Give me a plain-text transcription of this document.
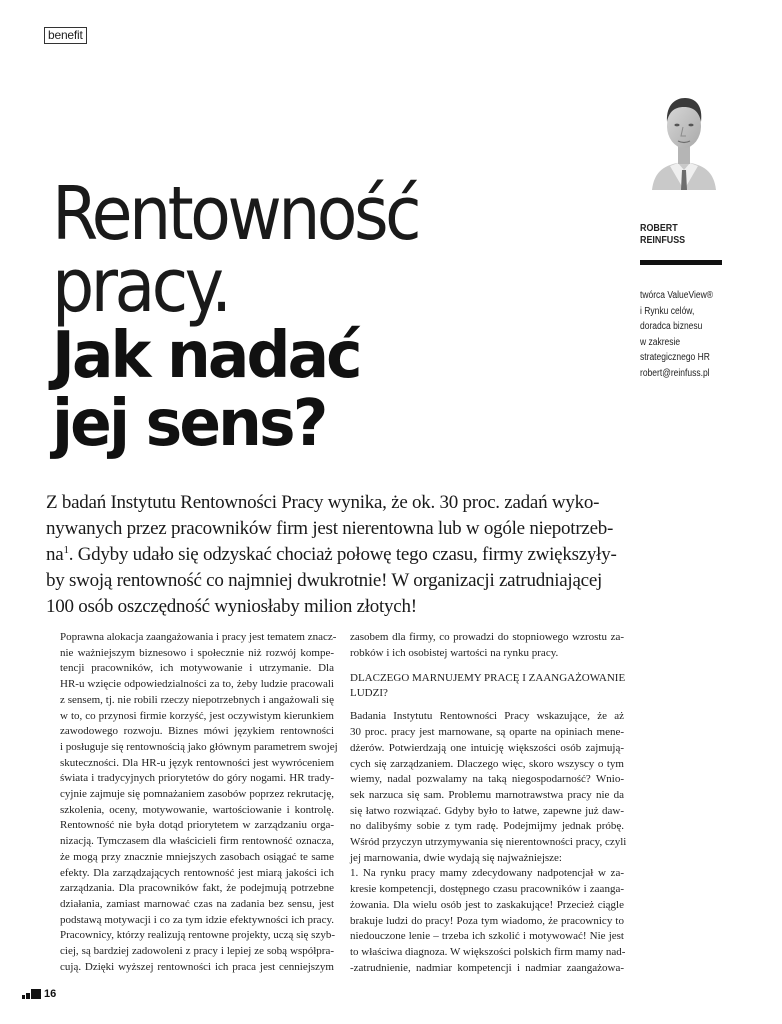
benefit
ROBERT
REINFUSS
twórca ValueView®
i Rynku celów,
doradca biznesu
w zakresie
strategicznego HR
robert@reinfuss.pl
Rentowność
pracy.
Jak nadać
jej sens?
Z badań Instytutu Rentowności Pracy wynika, że ok. 30 proc. zadań wyko-
nywanych przez pracowników firm jest nierentowna lub w ogóle niepotrzeb-
$na^1$. Gdyby udało się odzyskać chociaż połowę tego czasu, firmy zwiększyły-
by swoją rentowność co najmniej dwukrotnie! W organizacji zatrudniającej
100 osób oszczędność wyniosłaby milion złotych!
Poprawna alokacja zaangażowania i pracy jest tematem znacz-
nie ważniejszym biznesowo i społecznie niż rozwój kompe-
tencji pracowników, ich motywowanie i utrzymanie. Dla
HR-u wzięcie odpowiedzialności za to, żeby ludzie pracowali
z sensem, tj. nie robili rzeczy niepotrzebnych i angażowali się
w to, co przynosi firmie korzyść, jest oczywistym kierunkiem
zawodowego rozwoju. Biznes mówi językiem rentowności
i posługuje się rentownością jako głównym parametrem swojej
skuteczności. Dla HR-u język rentowności jest wywróceniem
świata i tradycyjnych priorytetów do góry nogami. HR trady-
cyjnie zajmuje się pomnażaniem zasobów poprzez rekrutację,
szkolenia, oceny, motywowanie, wartościowanie i kontrolę.
Rentowność nie była dotąd priorytetem w zarządzaniu orga-
nizacją. Tymczasem dla właścicieli firm rentowność oznacza,
że mogą przy znacznie mniejszych zasobach osiągać te same
efekty. Dla zarządzających rentowność jest miarą jakości ich
zarządzania. Dla pracowników fakt, że podejmują potrzebne
działania, zamiast marnować czas na zadania bez sensu, jest
podstawą motywacji i co za tym idzie efektywności ich pracy.
Pracownicy, którzy realizują rentowne projekty, uczą się szyb-
ciej, są bardziej zadowoleni z pracy i lepiej ze sobą współpra-
cują. Dzięki wyższej rentowności ich praca jest cenniejszym
zasobem dla firmy, co prowadzi do stopniowego wzrostu za-
robków i ich osobistej wartości na rynku pracy.
DLACZEGO MARNUJEMY PRACĘ I ZAANGAŻOWANIE
LUDZI?
Badania Instytutu Rentowności Pracy wskazujące, że aż
30 proc. pracy jest marnowane, są oparte na opiniach mene-
dżerów. Potwierdzają one intuicję większości osób zajmują-
cych się zarządzaniem. Dlaczego więc, skoro wszyscy o tym
wiemy, nadal pozwalamy na taką niegospodarność? Wnio-
sek narzuca się sam. Problemu marnotrawstwa pracy nie da
się łatwo rozwiązać. Gdyby było to łatwe, zapewne już daw-
no dalibyśmy sobie z tym radę. Podejmijmy jednak próbę.
Wśród przyczyn utrzymywania się nierentowności pracy, czyli
jej marnowania, dwie wydają się najważniejsze:
1. Na rynku pracy mamy zdecydowany nadpotencjał w za-
kresie kompetencji, dostępnego czasu pracowników i zaanga-
żowania. Dla wielu osób jest to zaskakujące! Przecież ciągle
brakuje ludzi do pracy! Poza tym wiadomo, że pracownicy to
niedouczone lenie – trzeba ich szkolić i motywować! Nie jest
to właściwa diagnoza. W większości polskich firm mamy nad-
-zatrudnienie, nadmiar kompetencji i nadmiar zaangażowa-
16
